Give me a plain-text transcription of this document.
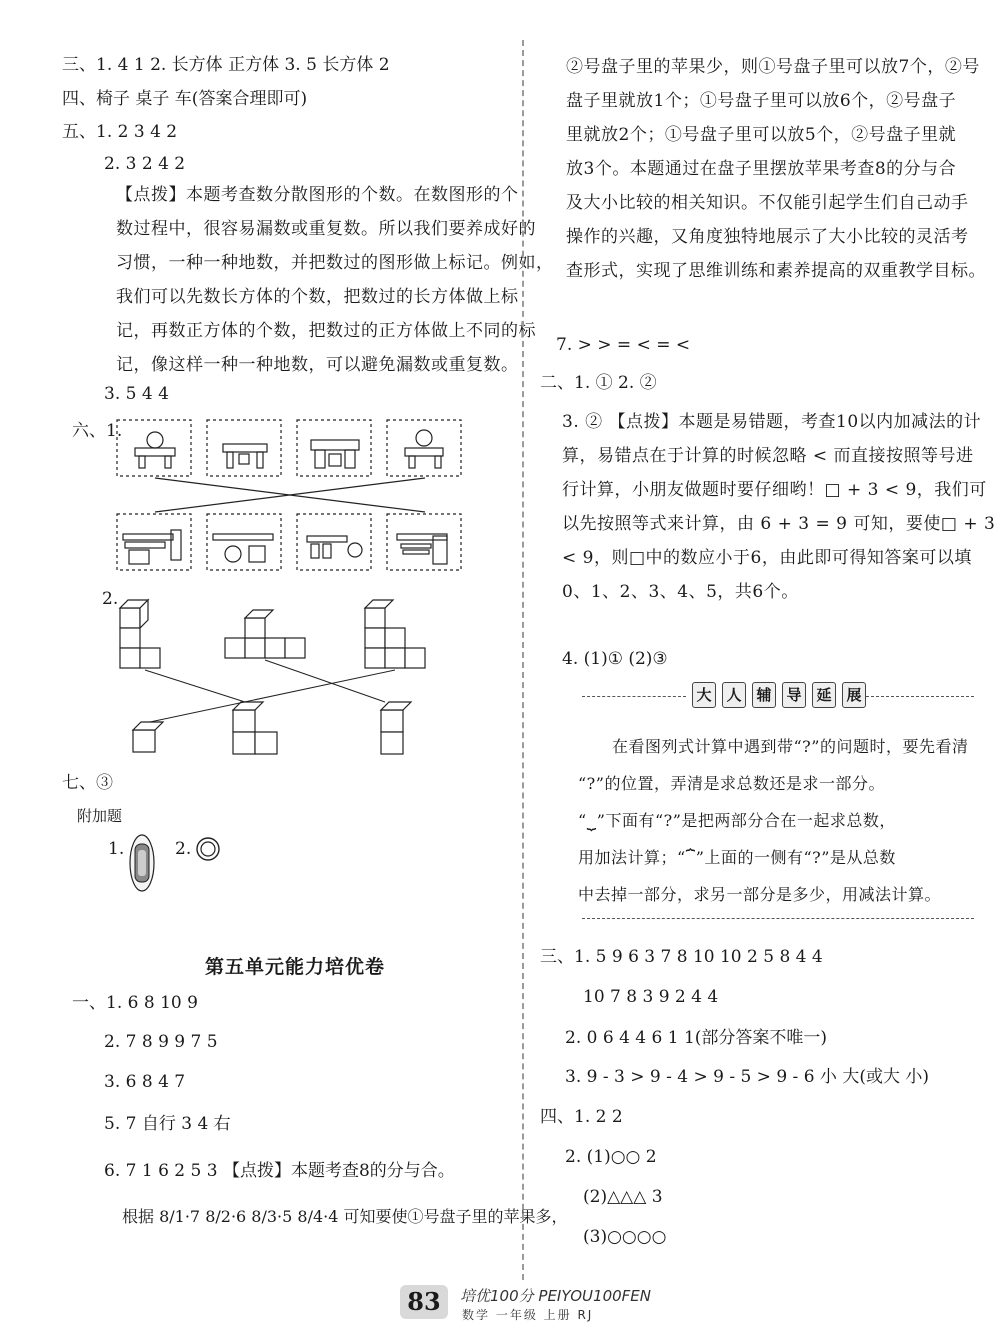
三、1. 4 1 2. 长方体 正方体 3. 5 长方体 2
四、椅子 桌子 车(答案合理即可)
五、1. 2 3 4 2
2. 3 2 4 2

【点拨】本题考查数分散图形的个数。在数图形的个

数过程中，很容易漏数或重复数。所以我们要养成好的

习惯，一种一种地数，并把数过的图形做上标记。例如，

我们可以先数长方体的个数，把数过的长方体做上标

记，再数正方体的个数，把数过的正方体做上不同的标

记，像这样一种一种地数，可以避免漏数或重复数。

3. 5 4 4
六、1.
2.
七、③
附加题
1.	2.
第五单元能力培优卷
一、1. 6 8 10 9
2. 7 8 9 9 7 5
3. 6 8 4 7
5. 7 自行 3 4 右
6. 7 1 6 2 5 3 【点拨】本题考查8的分与合。
根据 8/1·7 8/2·6 8/3·5 8/4·4 可知要使①号盘子里的苹果多，

②号盘子里的苹果少，则①号盘子里可以放7个，②号

盘子里就放1个；①号盘子里可以放6个，②号盘子

里就放2个；①号盘子里可以放5个，②号盘子里就

放3个。本题通过在盘子里摆放苹果考查8的分与合

及大小比较的相关知识。不仅能引起学生们自己动手

操作的兴趣，又角度独特地展示了大小比较的灵活考

查形式，实现了思维训练和素养提高的双重教学目标。

7. > > = < = <
二、1. ① 2. ②

3. ② 【点拨】本题是易错题，考查10以内加减法的计

算，易错点在于计算的时候忽略 < 而直接按照等号进

行计算，小朋友做题时要仔细哟！□ + 3 < 9，我们可

以先按照等式来计算，由 6 + 3 = 9 可知，要使□ + 3

< 9，则□中的数应小于6，由此即可得知答案可以填

0、1、2、3、4、5，共6个。

4. (1)① (2)③
大 人 辅 导 延 展

在看图列式计算中遇到带“?”的问题时，要先看清

“?”的位置，弄清是求总数还是求一部分。

“⏟”下面有“?”是把两部分合在一起求总数，

用加法计算；“⏞”上面的一侧有“?”是从总数

中去掉一部分，求另一部分是多少，用减法计算。

三、1. 5 9 6 3 7 8 10 10 2 5 8 4 4
10 7 8 3 9 2 4 4
2. 0 6 4 4 6 1 1(部分答案不唯一)
3. 9 - 3 > 9 - 4 > 9 - 5 > 9 - 6 小 大(或大 小)
四、1. 2 2
2. (1)○○ 2
(2)△△△ 3
(3)○○○○
83	培优100分 PEIYOU100FEN
数学 一年级 上册 RJ
